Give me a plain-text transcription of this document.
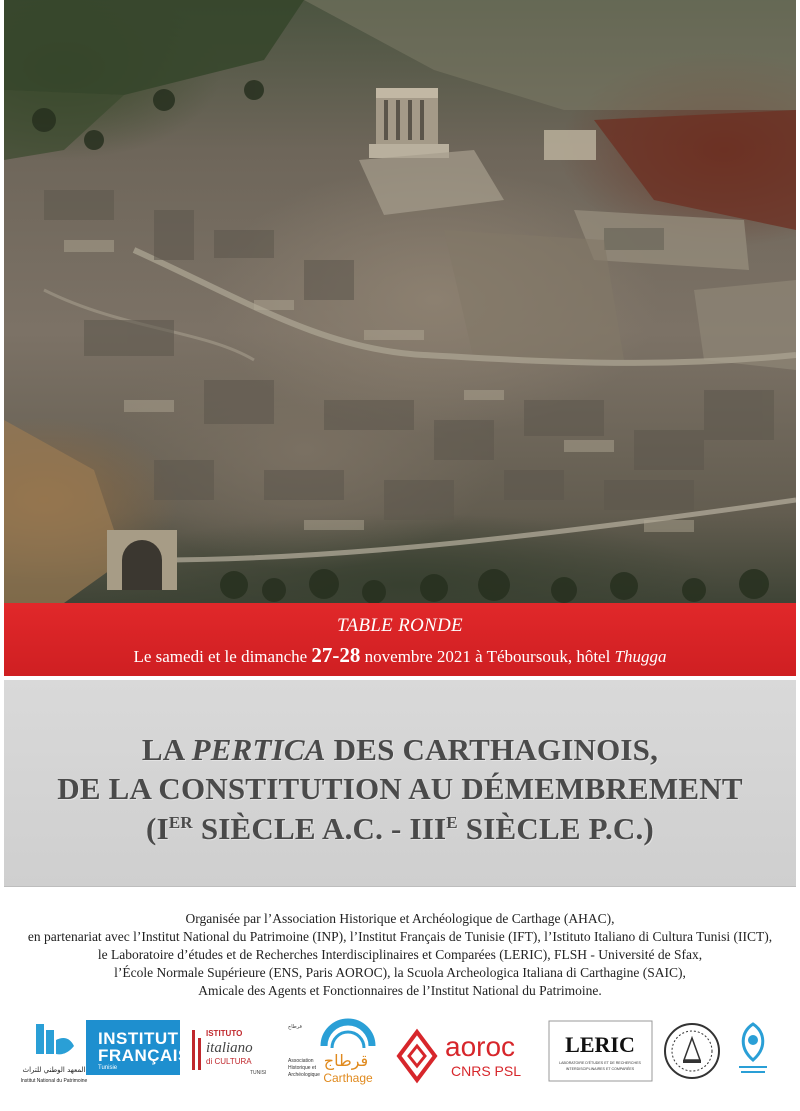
TABLE RONDE
Le samedi et le dimanche 27-28 novembre 2021 à Téboursouk, hôtel Thugga
LA PERTICA DES CARTHAGINOIS,
DE LA CONSTITUTION AU DÉMEMBREMENT
(IER SIÈCLE A.C. - $III^E$ SIÈCLE P.C.)
Organisée par l’Association Historique et Archéologique de Carthage (AHAC),
en partenariat avec l’Institut National du Patrimoine (INP), l’Institut Français de Tunisie (IFT), l’Istituto Italiano di Cultura Tunisi (IICT),
le Laboratoire d’études et de Recherches Interdisciplinaires et Comparées (LERIC), FLSH - Université de Sfax,
l’École Normale Supérieure (ENS, Paris AOROC), la Scuola Archeologica Italiana di Carthagine (SAIC),
Amicale des Agents et Fonctionnaires de l’Institut National du Patrimoine.
المعهد الوطني للتراث
Institut National du Patrimoine
INSTITUT
FRANÇAIS
Tunisie
ISTITUTO
italiano
di CULTURA
TUNISI
قرطاج
قرطاج
Carthage
Association
Historique et
Archéologique
aoroc
CNRS PSL
LERIC
LABORATOIRE D'ÉTUDES ET DE RECHERCHES
INTERDISCIPLINAIRES ET COMPARÉES
